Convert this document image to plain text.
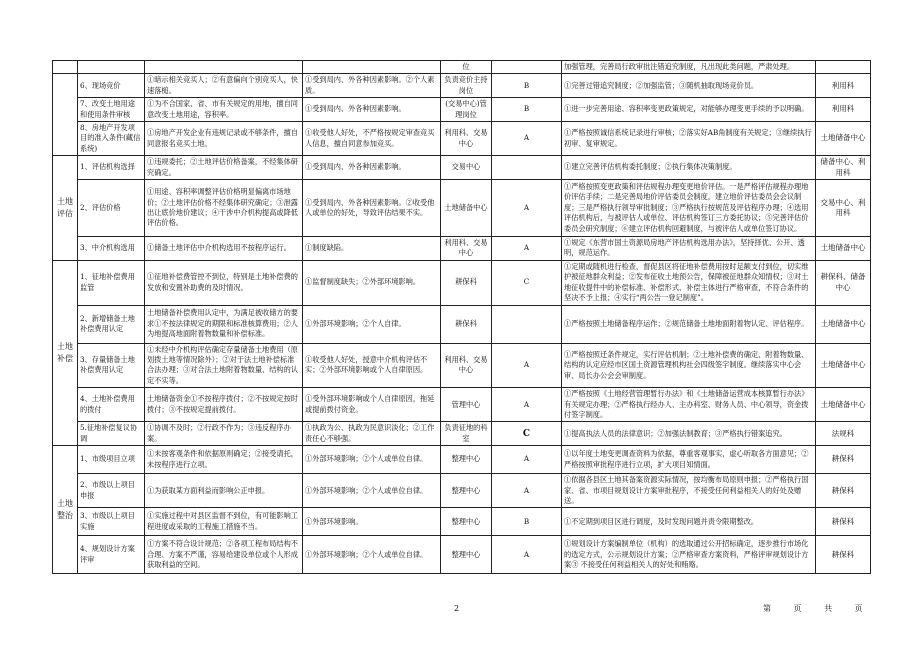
				位		加强管理，完善局行政审批注错追究制度，凡出现此类问题，严肃处理。	
	6、现场竞价	①暗示相关竞买人；②有意偏向个别竞买人，快速落槌。	①受到局内、外各种因素影响。②个人素质。	负责竞价主持岗位	B	①完善过错追究制度；②加强监管；③随机抽取现场竞价员。	利用科
	7、改变土地用途和使用条件审核	①为不合国家、省、市有关规定的用地，擅自同意改变土地用途，容积率。	①受到局内、外各种因素影响。	(交易中心)管理岗位	B	①进一步完善用途、容积率变更政策规定，对能够办理变更手续的予以明确。	利用科
	8、房地产开发项目的准入条件(藏信系统)	①房地产开发企业有违规记录或不够条件，擅自同意报名竞买土地。	①收受他人好处，不严格按规定审查竞买人信息，擅自同意参加竞买。	利用科、交易中心	A	①严格按照诚信系统记录进行审核；②落实好AB角制度有关规定；③继续执行初审、复审规定。	土地储备中心
土地评估	1、评估机构选择	①违规委托；②土地评估价格备案，不经集体研究确定。	①受到局内、外各种因素影响。	交易中心		①建立完善评估机构委托制度；②执行集体决策制度。	储备中心、利用科
	2、评估价格	①用途、容积率调整评估价格明显偏离市场地价；②土地评估价格不经集体研究确定；③泄露出让底价地价建议；④干涉中介机构提高或降低评估价格。	①受到局内、外各种因素影响。②收受他人或单位的好处，导致评估结果不实。	土地储备中心	A	①严格按照变更政策和评估规程办理变更地价评估。一是严格评估规程办理地价评估手续；二是完善局地价评估委员会制度，建立地价评估委员会会议制度；三是严格执行领导审批制度；③严格执行按规范及评估程序办理；④选用评估机构后，与被评估人或单位、评估机构签订三方委托协议；⑤完善评估价委员会研究制度；⑥建立评估机构回避制度，与被评估人或单位签订协议。	交易中心、利用科
	3、中介机构选用	①储备土地评估中介机构选用不按程序运行。	①制度缺陷。	利用科、交易中心	A	①规定《东营市国土资源局房地产评估机构选用办法》，坚持择优、公开、透明，规范运作。	土地储备中心
土地补偿	1、征地补偿费用监管	①征地补偿费管控不到位，特别是土地补偿费的发放和安置补助费的及时情况。	①监督制度缺失；②外部环境影响。	耕保科	C	①定期或随机进行检查，督促县区将征地补偿费用按时足额支付到位，切实维护被征地群众利益；②发布征收土地预公告，保障被征地群众知情权；③对土地征收提件中的补偿标准、补偿形式、补偿主体进行严格审查，不符合条件的坚决不予上报；④实行“两公告一登记制度”。	耕保科、储备中心
	2、新增储备土地补偿费用认定	土地储备补偿费用认定中，为满足被收储方的要求①不按法律规定的期限和标准核算费用；②人为地提高地面附着物数量和补偿标准。	①外部环境影响；②个人自律。	耕保科		①严格按照土地储备程序运作；②规范储备土地地面附着物认定、评估程序。	土地储备中心
	3、存量储备土地补偿费用认定	①未经中介机构评估确定存量储备土地费用（原划拨土地等情况除外）；②对于法土地补偿标准合法办理；③对合法土地附着物数量、结构的认定不实等。	①收受他人好处，授意中介机构评估不实；②外部环境影响或个人自律原因。	利用科、交易中心	A	①严格按照迁条件规定，实行评估机制；②土地补偿费的确定、附着物数量、结构的认定应经市区国土资源管理机构社会四级签字制度。继续落实中心会审、局长办公会会审制度。	土地储备中心
	4、土地补偿费用的拨付	土地储备资金①不按程序拨付；②不按规定按时拨付；③不按规定提前拨付。	①受外部环境影响或个人自律原因，拖延或提前拨付资金。	管理中心	A	①严格按照《土地经营管理暂行办法》和《土地储备运营成本核算暂行办法》有关规定办理；②严格执行经办人、主办科室、财务人员、中心领导，资金拨付签字制度。	土地储备中心
	5.征地补偿复议协调	①协调不及时；②行政不作为；③违反程序办案。	①执政为公、执政为民意识淡化；②工作责任心不够强。	负责征地的科室	C	①提高执法人员的法律意识；②加强法制教育；③严格执行错案追究。	法规科
土地整治	1、市级项目立项	①未按客观条件和依据原则确定；②接受请托，未按程序进行立项。	①外部环境影响；②个人或单位自律。	整理中心	A	①以年度土地变更调查资料为依据，尊重客观事实，虚心听取各方面意见；②严格按照审批程序进行立项，扩大项目知情面。	耕保科
	2、市级以上项目申报	①为获取某方面利益而影响公正申报。	①外部环境影响；②个人或单位自律。	整理中心	A	①依据各县区土地其备案资源实际情况，按均衡布局原则申报；②严格执行国家、省、市项目规划设计方案审批程序，不接受任何利益相关人的好处及赠送。	耕保科
	3、市级以上项目实施	①实施过程中对县区监督不到位，有可能影响工程进度或采取的工程施工措施不当。	①外部环境影响。	整理中心	B	①不定期到项目区进行调度，及时发现问题并责令限期整改。	耕保科
	4、规划设计方案评审	①方案不符合设计规范；②各项工程布局结构不合理、方案不严谨，容易给建设单位或个人形成获取利益的空间。	①外部环境影响；②个人或单位自律。	整理中心	A	①规划设计方案编制单位（机构）的选取通过公开招标确定，逐步推行市场化的选定方式，公示规划设计方案；②严格审查方案资料，严格评审规划设计方案③ 不接受任何利益相关人的好处和贿赂。	耕保科
2	第	页	共	页
